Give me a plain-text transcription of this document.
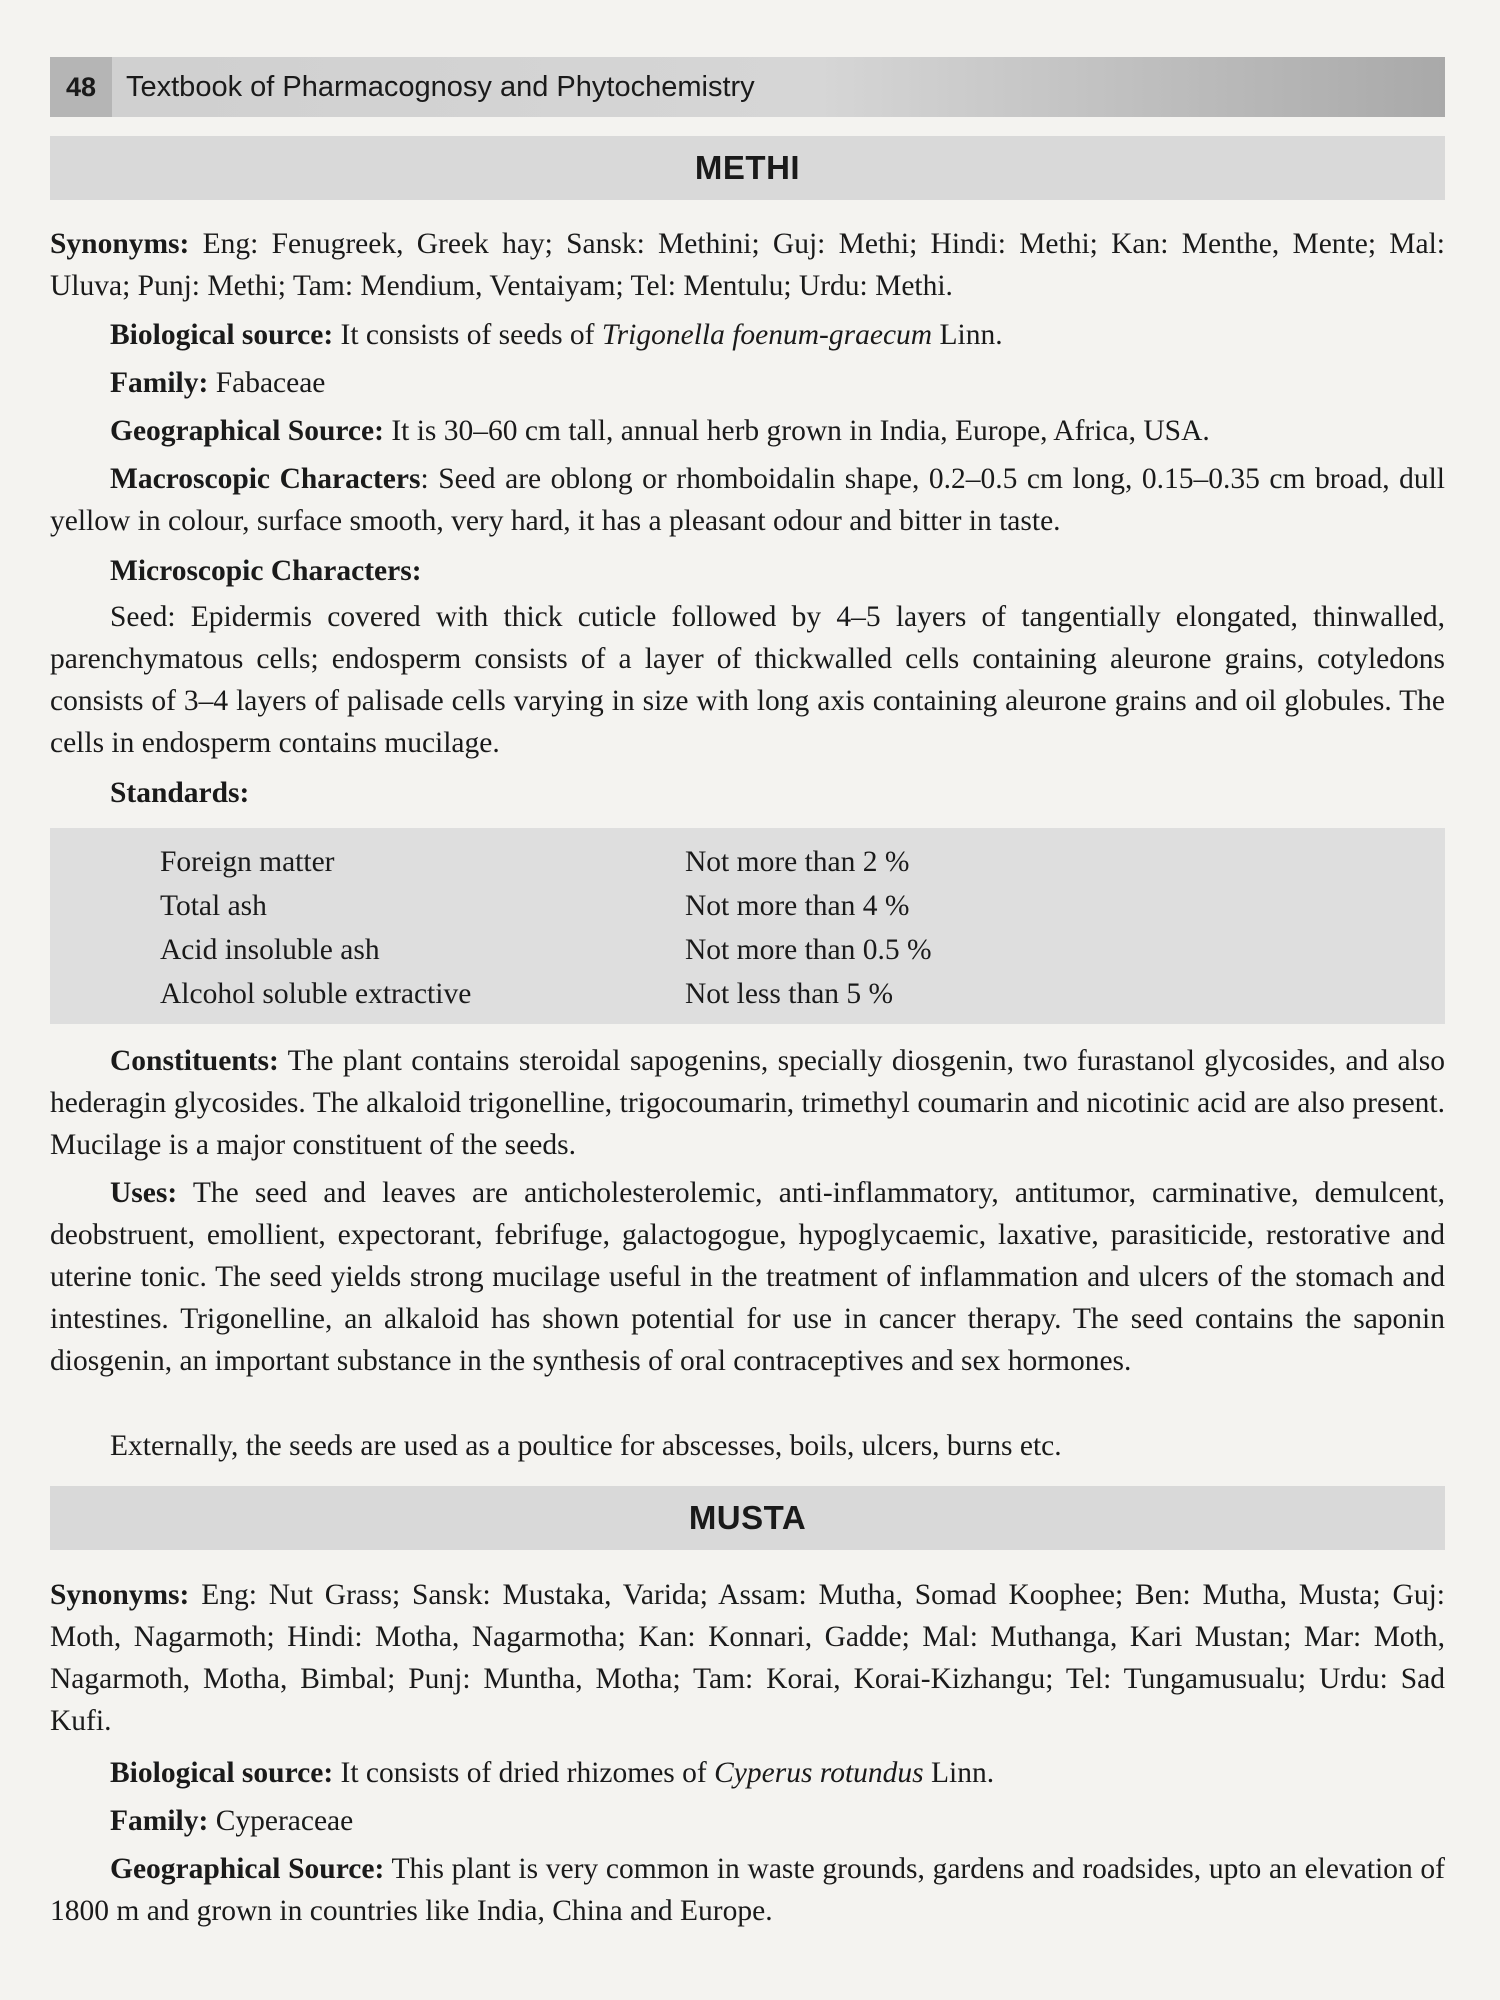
48	Textbook of Pharmacognosy and Phytochemistry
METHI
Synonyms: Eng: Fenugreek, Greek hay; Sansk: Methini; Guj: Methi; Hindi: Methi; Kan: Menthe, Mente; Mal: Uluva; Punj: Methi; Tam: Mendium, Ventaiyam; Tel: Mentulu; Urdu: Methi.
Biological source: It consists of seeds of Trigonella foenum-graecum Linn.
Family: Fabaceae
Geographical Source: It is 30–60 cm tall, annual herb grown in India, Europe, Africa, USA.
Macroscopic Characters: Seed are oblong or rhomboidalin shape, 0.2–0.5 cm long, 0.15–0.35 cm broad, dull yellow in colour, surface smooth, very hard, it has a pleasant odour and bitter in taste.
Microscopic Characters:
Seed: Epidermis covered with thick cuticle followed by 4–5 layers of tangentially elongated, thinwalled, parenchymatous cells; endosperm consists of a layer of thickwalled cells containing aleurone grains, cotyledons consists of 3–4 layers of palisade cells varying in size with long axis containing aleurone grains and oil globules. The cells in endosperm contains mucilage.
Standards:
Foreign matter	Not more than 2 %
Total ash	Not more than 4 %
Acid insoluble ash	Not more than 0.5 %
Alcohol soluble extractive	Not less than 5 %
Constituents: The plant contains steroidal sapogenins, specially diosgenin, two furastanol glycosides, and also hederagin glycosides. The alkaloid trigonelline, trigocoumarin, trimethyl coumarin and nicotinic acid are also present. Mucilage is a major constituent of the seeds.
Uses: The seed and leaves are anticholesterolemic, anti-inflammatory, antitumor, carminative, demulcent, deobstruent, emollient, expectorant, febrifuge, galactogogue, hypoglycaemic, laxative, parasiticide, restorative and uterine tonic. The seed yields strong mucilage useful in the treatment of inflammation and ulcers of the stomach and intestines. Trigonelline, an alkaloid has shown potential for use in cancer therapy. The seed contains the saponin diosgenin, an important substance in the synthesis of oral contraceptives and sex hormones.
Externally, the seeds are used as a poultice for abscesses, boils, ulcers, burns etc.
MUSTA
Synonyms: Eng: Nut Grass; Sansk: Mustaka, Varida; Assam: Mutha, Somad Koophee; Ben: Mutha, Musta; Guj: Moth, Nagarmoth; Hindi: Motha, Nagarmotha; Kan: Konnari, Gadde; Mal: Muthanga, Kari Mustan; Mar: Moth, Nagarmoth, Motha, Bimbal; Punj: Muntha, Motha; Tam: Korai, Korai-Kizhangu; Tel: Tungamusualu; Urdu: Sad Kufi.
Biological source: It consists of dried rhizomes of Cyperus rotundus Linn.
Family: Cyperaceae
Geographical Source: This plant is very common in waste grounds, gardens and roadsides, upto an elevation of 1800 m and grown in countries like India, China and Europe.
